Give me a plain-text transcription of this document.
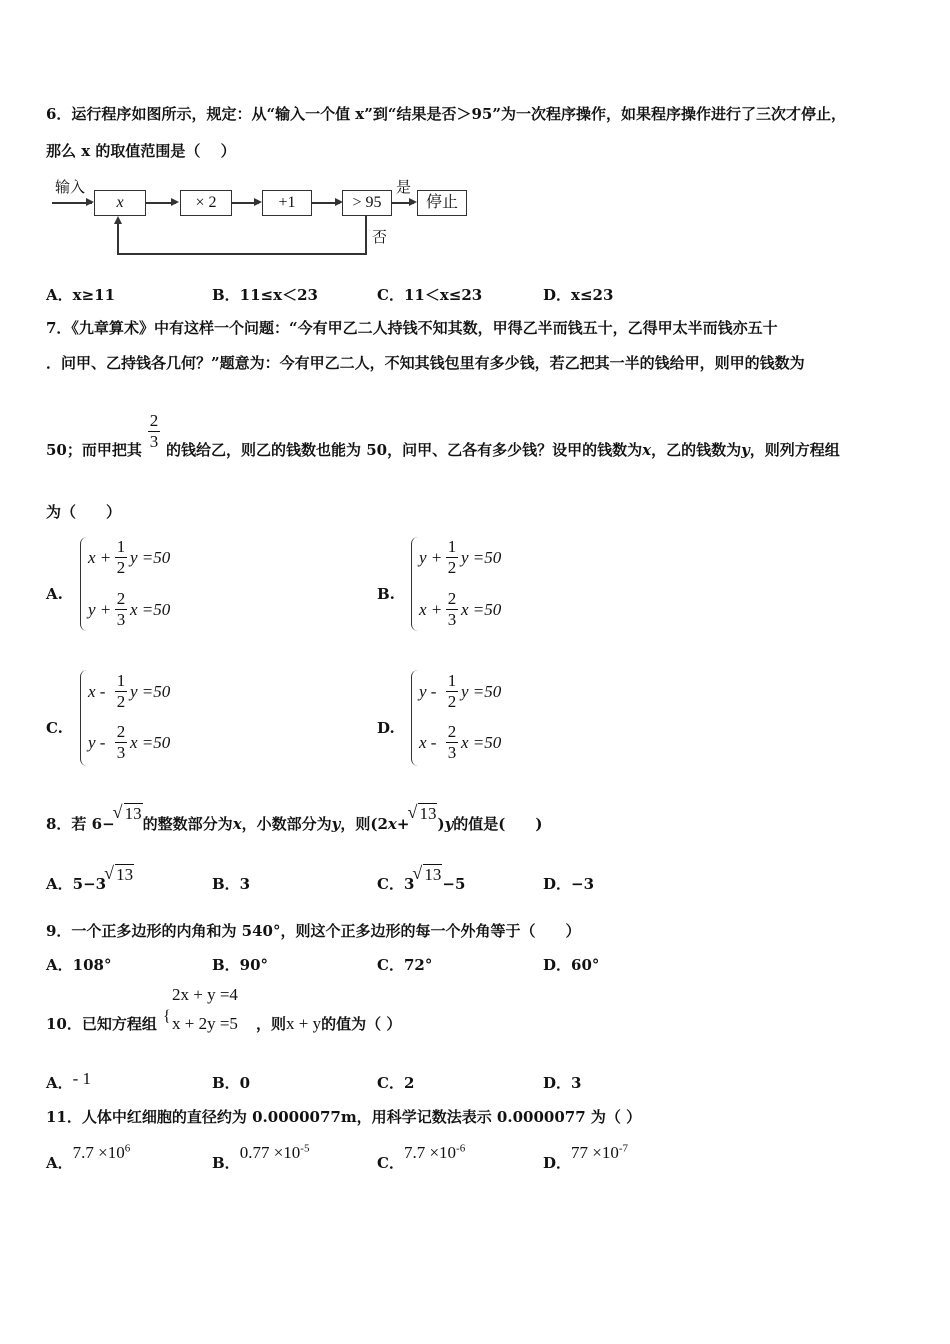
6．运行程序如图所示，规定：从“输入一个值 x”到“结果是否＞95”为一次程序操作，如果程序操作进行了三次才停止，
那么 x 的取值范围是（　 ）
输入
x	× 2	+1	> 95
是
停止
否
A．x≥11	B．11≤x＜23	C．11＜x≤23	D．x≤23
7．《九章算术》中有这样一个问题：“今有甲乙二人持钱不知其数，甲得乙半而钱五十，乙得甲太半而钱亦五十
．问甲、乙持钱各几何？”题意为：今有甲乙二人，不知其钱包里有多少钱，若乙把其一半的钱给甲，则甲的钱数为
50；而甲把其
2
3 的钱给乙，则乙的钱数也能为 50，问甲、乙各有多少钱？设甲的钱数为x，乙的钱数为y，则列方程组
为（　　）
A.
x +
1
2
y =50
y +
2
3
x =50
B.
y +
1
2
y =50
x +
2
3
x =50
C.
x -
1
2
y =50
y -
2
3
x =50
D.
y -
1
2
y =50
x -
2
3
x =50
8．若 6−√ 13的整数部分为x，小数部分为y，则(2x+√ 13)y的值是(　　)
A．5−3 √ 13	B．3	C．3 √ 13−5	D．−3
9．一个正多边形的内角和为 540°，则这个正多边形的每一个外角等于（　　）
A．108°	B．90°	C．72°	D．60°
10．已知方程组 {
2x + y =4
x + 2y =5 ，则x + y的值为（ ）
A．- 1	B．0	C．2	D．3
11．人体中红细胞的直径约为 0.0000077m，用科学记数法表示 0.0000077 为（ ）
A．$7.7 \times 10^6$
B．$0.77 \times 10^{-5}$
C．$7.7 \times 10^{-6}$
D．$77 \times 10^{-7}$
